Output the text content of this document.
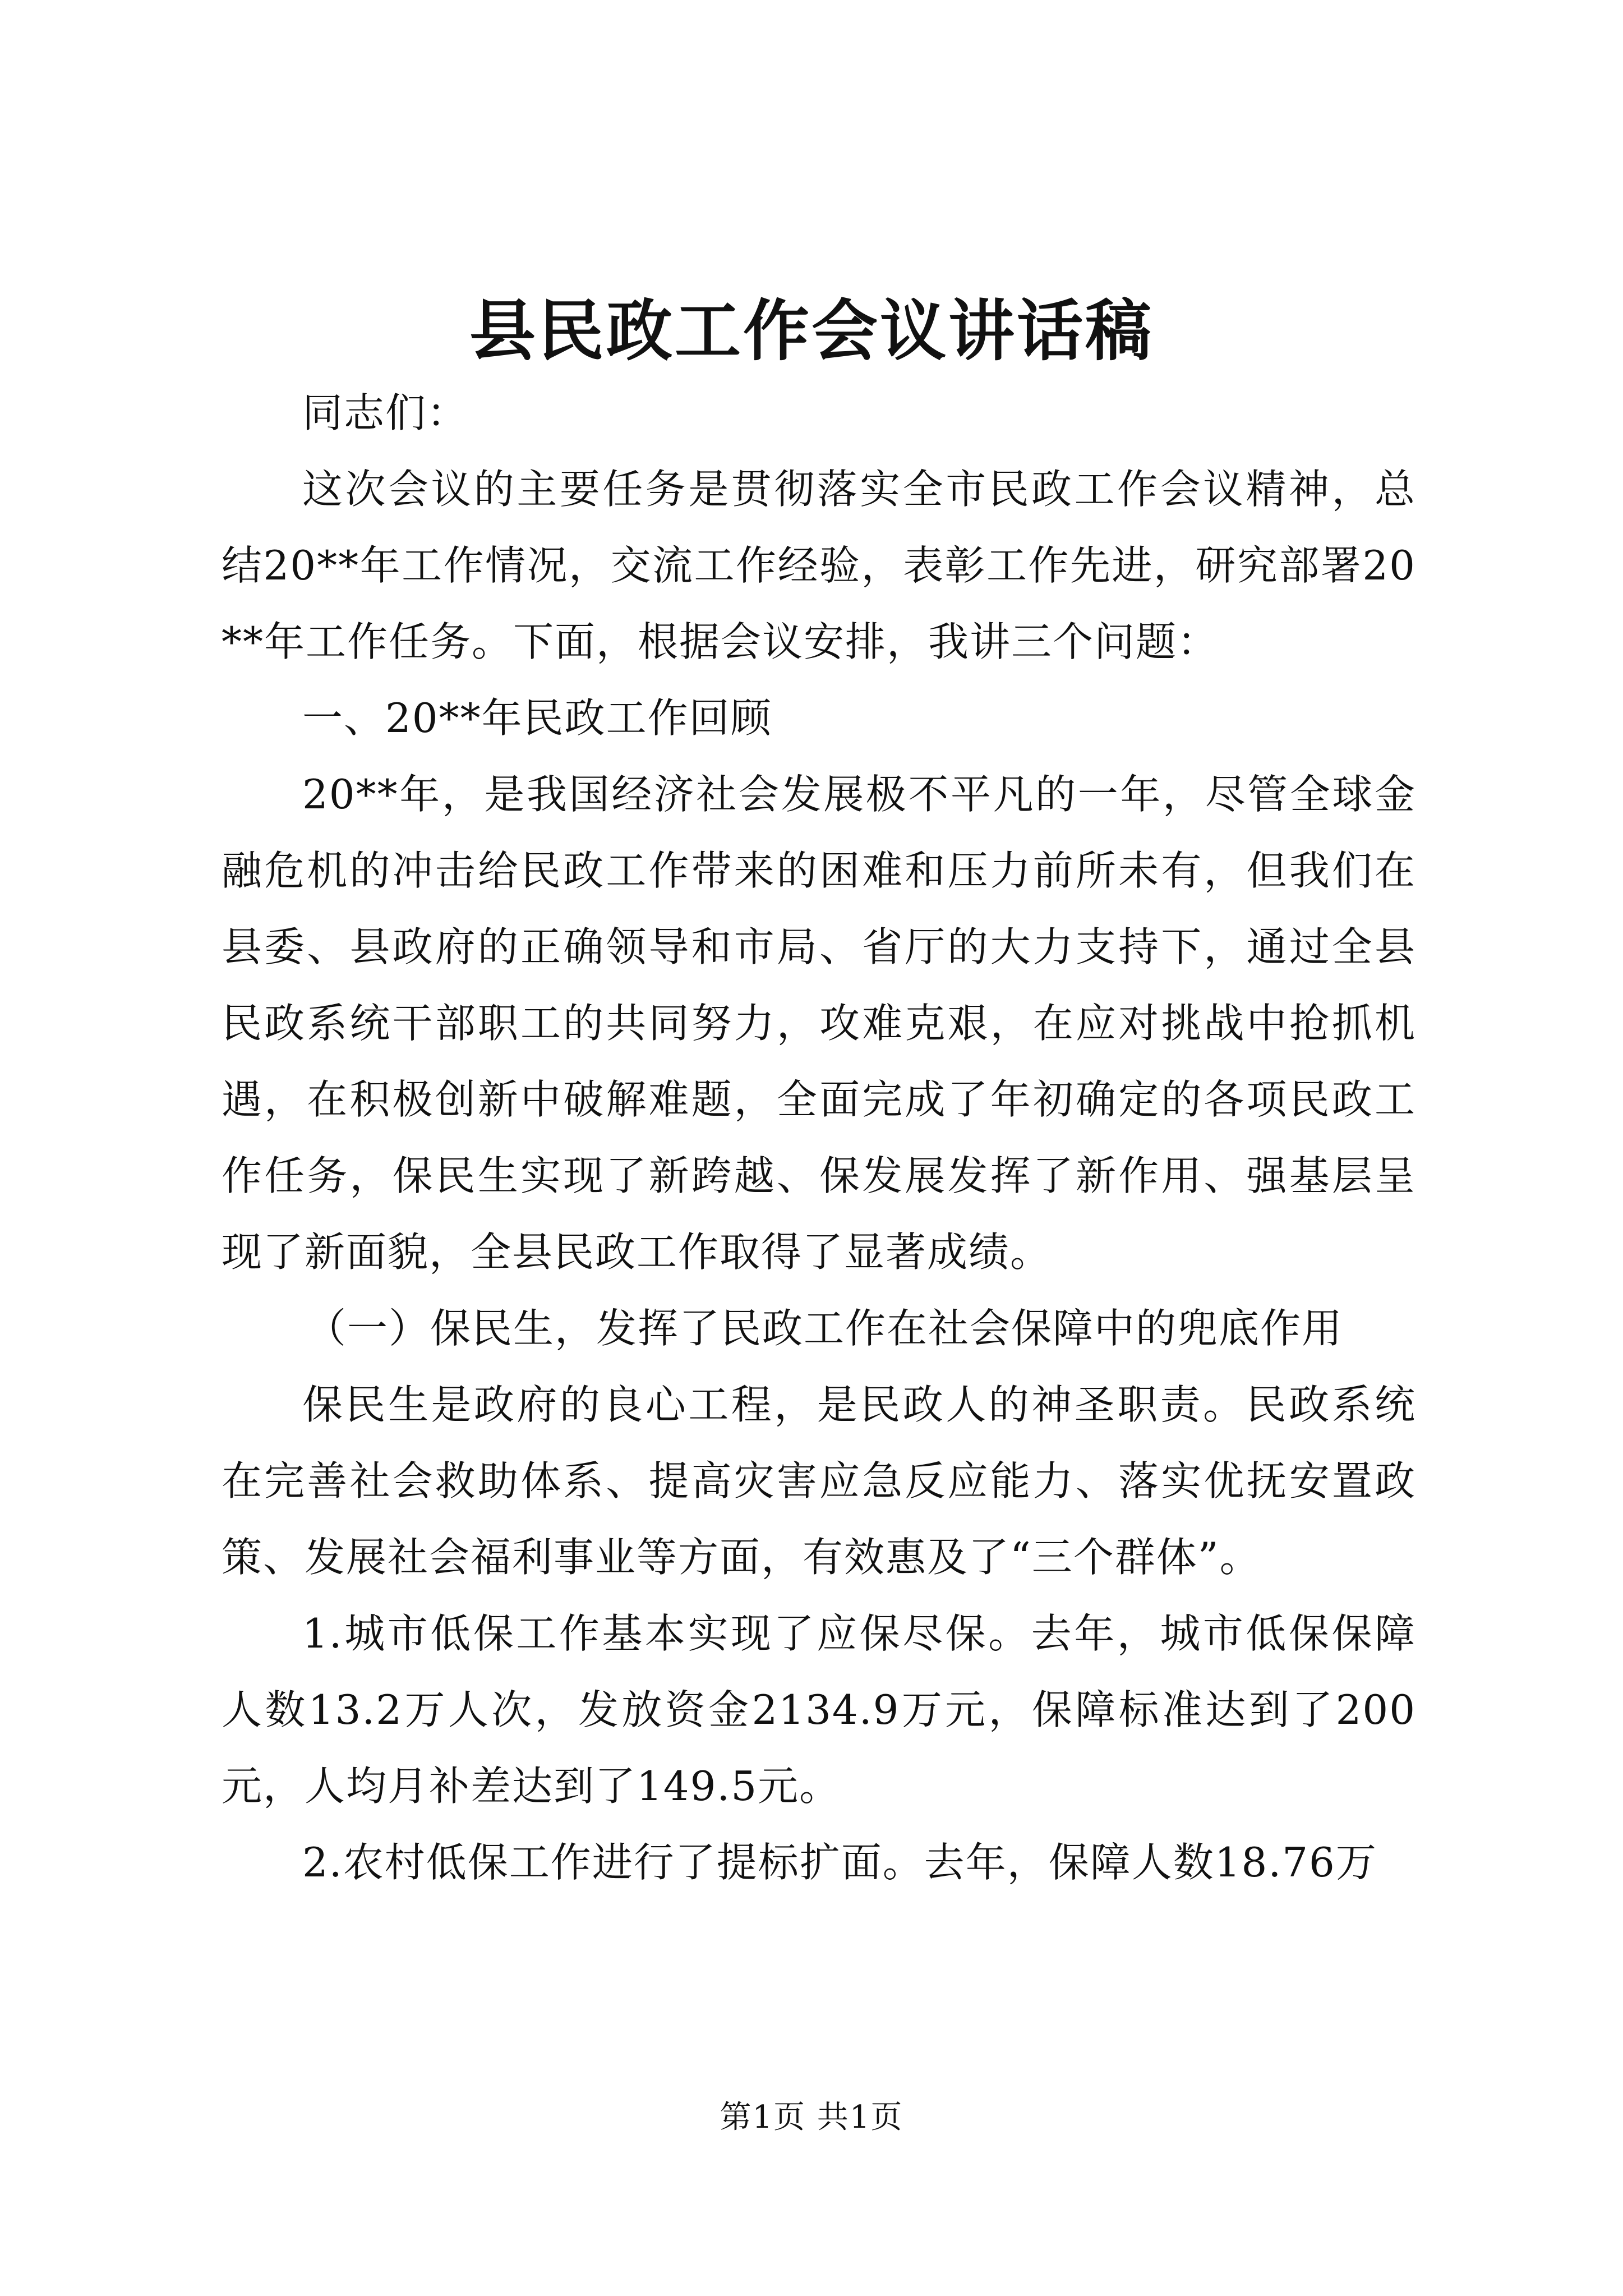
县民政工作会议讲话稿

同志们：

这次会议的主要任务是贯彻落实全市民政工作会议精神，总结20**年工作情况，交流工作经验，表彰工作先进，研究部署20**年工作任务。下面，根据会议安排，我讲三个问题：

一、20**年民政工作回顾

20**年，是我国经济社会发展极不平凡的一年，尽管全球金融危机的冲击给民政工作带来的困难和压力前所未有，但我们在县委、县政府的正确领导和市局、省厅的大力支持下，通过全县民政系统干部职工的共同努力，攻难克艰，在应对挑战中抢抓机遇，在积极创新中破解难题，全面完成了年初确定的各项民政工作任务，保民生实现了新跨越、保发展发挥了新作用、强基层呈现了新面貌，全县民政工作取得了显著成绩。

（一）保民生，发挥了民政工作在社会保障中的兜底作用

保民生是政府的良心工程，是民政人的神圣职责。民政系统在完善社会救助体系、提高灾害应急反应能力、落实优抚安置政策、发展社会福利事业等方面，有效惠及了“三个群体”。

1.城市低保工作基本实现了应保尽保。去年，城市低保保障人数13.2万人次，发放资金2134.9万元，保障标准达到了200元，人均月补差达到了149.5元。

2.农村低保工作进行了提标扩面。去年，保障人数18.76万

第1页 共1页
